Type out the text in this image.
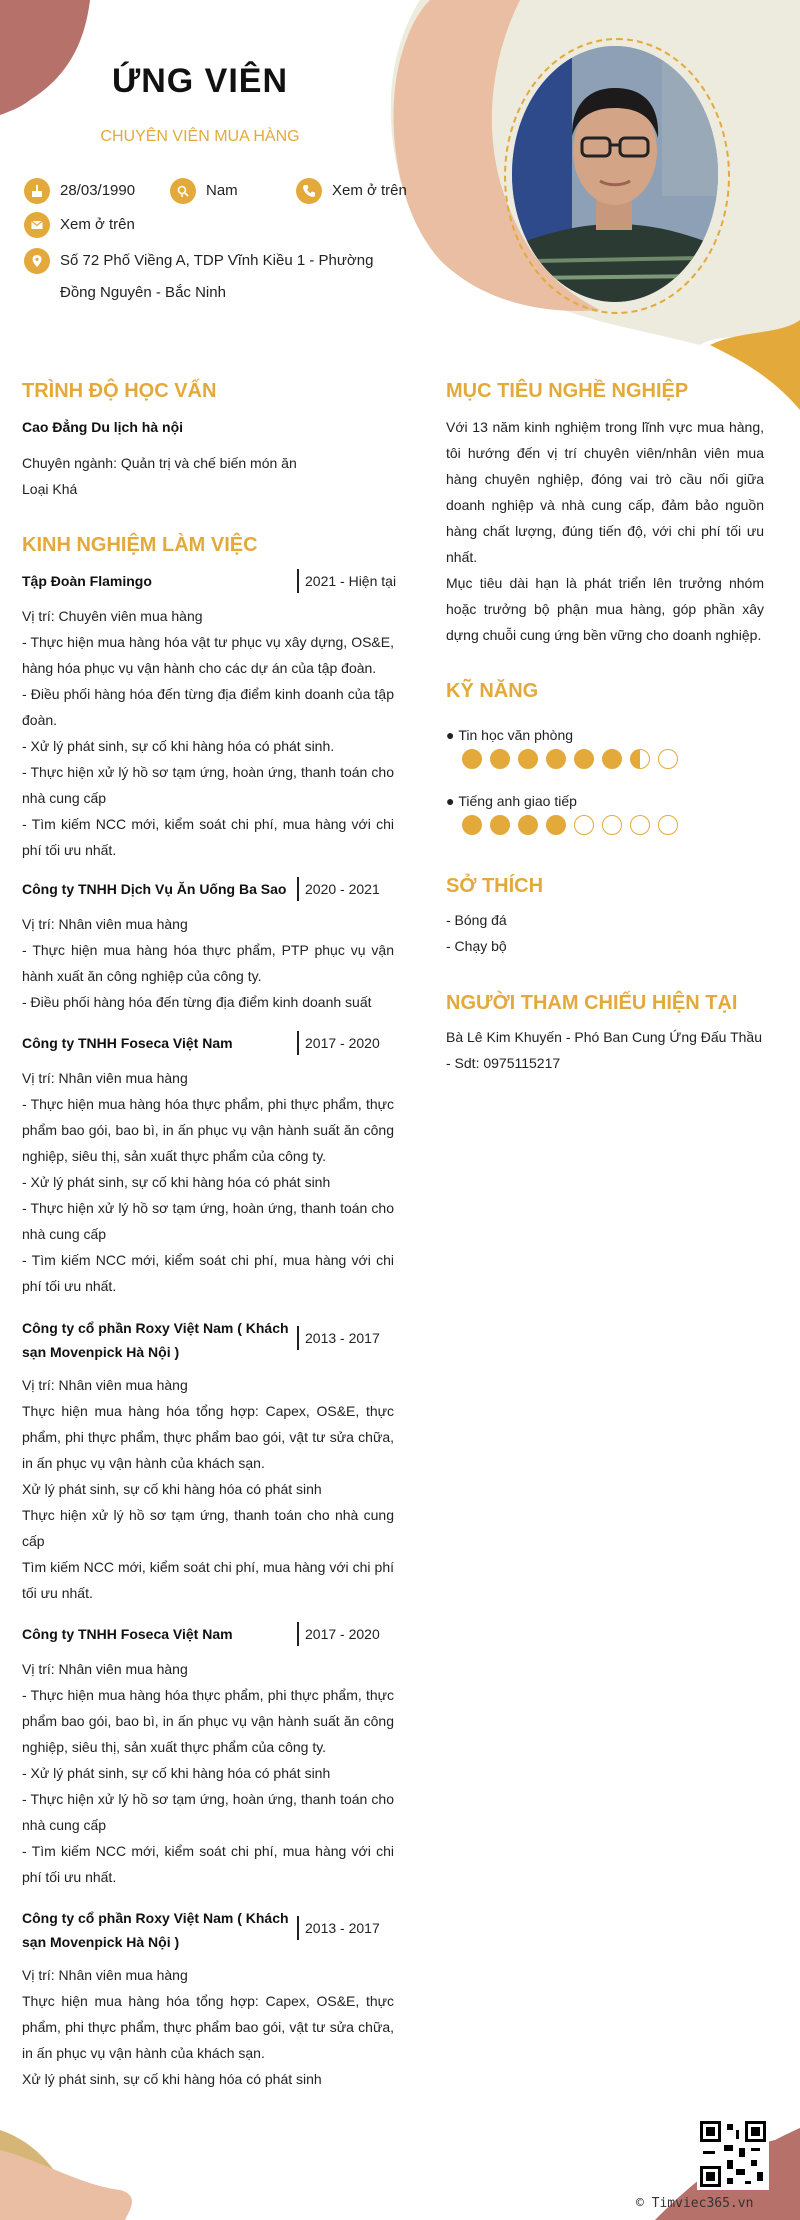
ỨNG VIÊN
CHUYÊN VIÊN MUA HÀNG
28/03/1990	Nam	Xem ở trên
Xem ở trên
Số 72 Phố Viềng A, TDP Vĩnh Kiều 1 - Phường Đồng Nguyên - Bắc Ninh
TRÌNH ĐỘ HỌC VẤN
Cao Đẳng Du lịch hà nội
Chuyên ngành: Quản trị và chế biến món ăn
Loại Khá
KINH NGHIỆM LÀM VIỆC
Tập Đoàn Flamingo	2021 - Hiện tại
Vị trí: Chuyên viên mua hàng
- Thực hiện mua hàng hóa vật tư phục vụ xây dựng, OS&E, hàng hóa phục vụ vận hành cho các dự án của tập đoàn.
- Điều phối hàng hóa đến từng địa điểm kinh doanh của tập đoàn.
- Xử lý phát sinh, sự cố khi hàng hóa có phát sinh.
- Thực hiện xử lý hồ sơ tạm ứng, hoàn ứng, thanh toán cho nhà cung cấp
- Tìm kiếm NCC mới, kiểm soát chi phí, mua hàng với chi phí tối ưu nhất.
Công ty TNHH Dịch Vụ Ăn Uống Ba Sao	2020 - 2021
Vị trí: Nhân viên mua hàng
- Thực hiện mua hàng hóa thực phẩm, PTP phục vụ vận hành xuất ăn công nghiệp của công ty.
- Điều phối hàng hóa đến từng địa điểm kinh doanh suất
Công ty TNHH Foseca Việt Nam	2017 - 2020
Vị trí: Nhân viên mua hàng
- Thực hiện mua hàng hóa thực phẩm, phi thực phẩm, thực phẩm bao gói, bao bì, in ấn phục vụ vận hành suất ăn công nghiệp, siêu thị, sản xuất thực phẩm của công ty.
- Xử lý phát sinh, sự cố khi hàng hóa có phát sinh
- Thực hiện xử lý hồ sơ tạm ứng, hoàn ứng, thanh toán cho nhà cung cấp
- Tìm kiếm NCC mới, kiểm soát chi phí, mua hàng với chi phí tối ưu nhất.
Công ty cổ phần Roxy Việt Nam ( Khách sạn Movenpick Hà Nội )
2013 - 2017
Vị trí: Nhân viên mua hàng
Thực hiện mua hàng hóa tổng hợp: Capex, OS&E, thực phẩm, phi thực phẩm, thực phẩm bao gói, vật tư sửa chữa, in ấn phục vụ vận hành của khách sạn.
Xử lý phát sinh, sự cố khi hàng hóa có phát sinh
Thực hiện xử lý hồ sơ tạm ứng, thanh toán cho nhà cung cấp
Tìm kiếm NCC mới, kiểm soát chi phí, mua hàng với chi phí tối ưu nhất.
Công ty TNHH Foseca Việt Nam	2017 - 2020
Vị trí: Nhân viên mua hàng
- Thực hiện mua hàng hóa thực phẩm, phi thực phẩm, thực phẩm bao gói, bao bì, in ấn phục vụ vận hành suất ăn công nghiệp, siêu thị, sản xuất thực phẩm của công ty.
- Xử lý phát sinh, sự cố khi hàng hóa có phát sinh
- Thực hiện xử lý hồ sơ tạm ứng, hoàn ứng, thanh toán cho nhà cung cấp
- Tìm kiếm NCC mới, kiểm soát chi phí, mua hàng với chi phí tối ưu nhất.
Công ty cổ phần Roxy Việt Nam ( Khách sạn Movenpick Hà Nội )
2013 - 2017
Vị trí: Nhân viên mua hàng
Thực hiện mua hàng hóa tổng hợp: Capex, OS&E, thực phẩm, phi thực phẩm, thực phẩm bao gói, vật tư sửa chữa, in ấn phục vụ vận hành của khách sạn.
Xử lý phát sinh, sự cố khi hàng hóa có phát sinh
MỤC TIÊU NGHỀ NGHIỆP
Với 13 năm kinh nghiệm trong lĩnh vực mua hàng, tôi hướng đến vị trí chuyên viên/nhân viên mua hàng chuyên nghiệp, đóng vai trò cầu nối giữa doanh nghiệp và nhà cung cấp, đảm bảo nguồn hàng chất lượng, đúng tiến độ, với chi phí tối ưu nhất.
Mục tiêu dài hạn là phát triển lên trưởng nhóm hoặc trưởng bộ phận mua hàng, góp phần xây dựng chuỗi cung ứng bền vững cho doanh nghiệp.
KỸ NĂNG
● Tin học văn phòng
● Tiếng anh giao tiếp
SỞ THÍCH
- Bóng đá
- Chạy bộ
NGƯỜI THAM CHIẾU HIỆN TẠI
Bà Lê Kim Khuyến - Phó Ban Cung Ứng Đấu Thầu
- Sdt: 0975115217
© Timviec365.vn
